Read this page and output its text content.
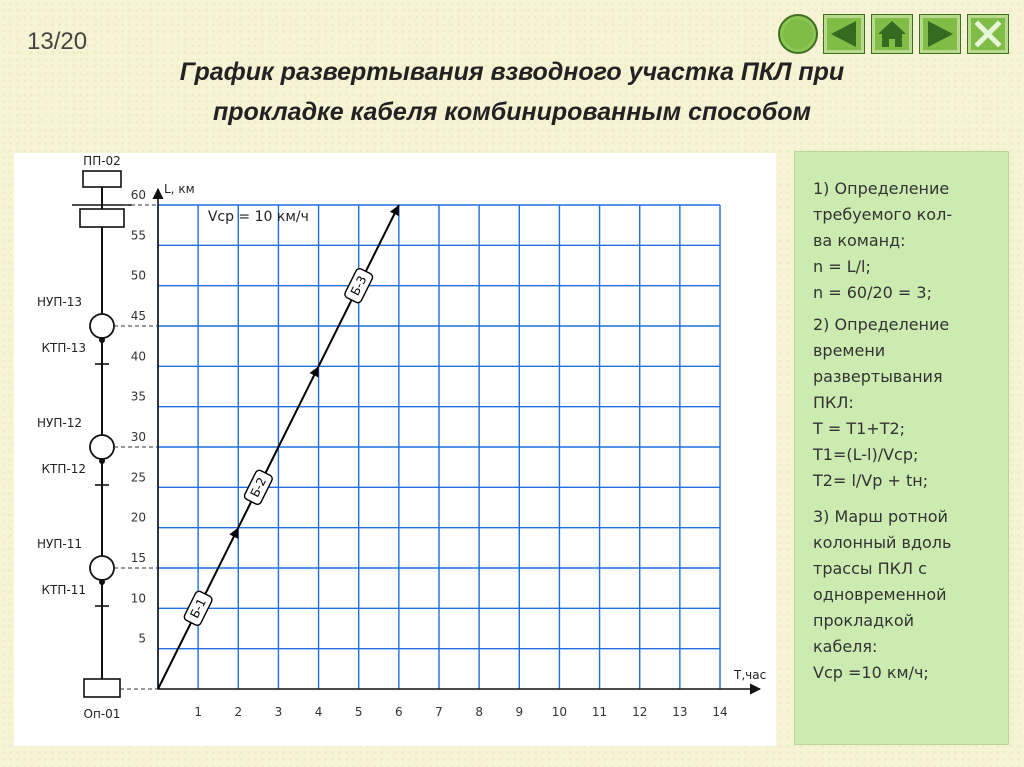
13/20
График развертывания взводного участка ПКЛ при
прокладке кабеля комбинированным способом
L, км
Т,час
1	2	3	4	5	6	7	8	9 10 11 12 13 14
5
10
15
20
25
30
35
40
45
50
55
60
ПП-02
Оп-01
НУП-13
КТП-13
НУП-12
КТП-12
НУП-11
КТП-11
Б-1
Б-2
Б-3
Vср = 10 км/ч
1) Определение
требуемого кол-
ва команд:
n = L/l;
n = 60/20 = 3;
2) Определение
времени
развертывания
ПКЛ:
Т = Т1+Т2;
Т1=(L-l)/Vср;
Т2= l/Vр + tн;
3) Марш ротной
колонный вдоль
трассы ПКЛ с
одновременной
прокладкой
кабеля:
Vср =10 км/ч;
